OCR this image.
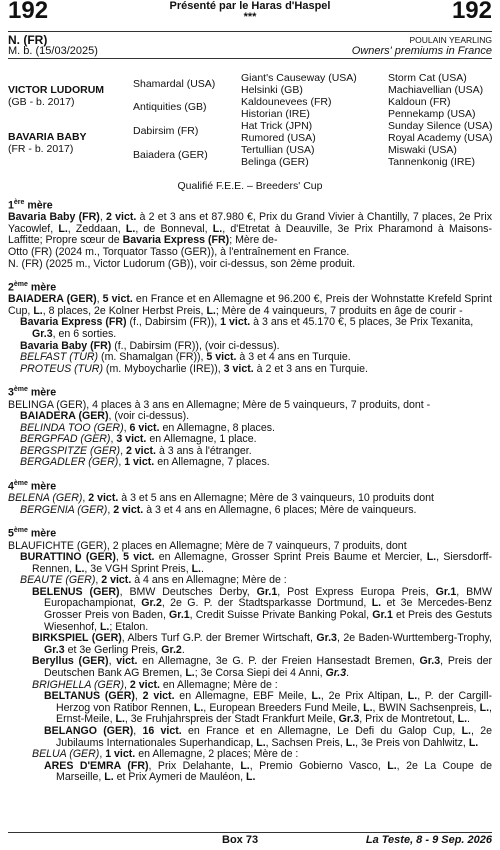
192	192
Présenté par le Haras d'Haspel
***
N. (FR)
M. b. (15/03/2025)
POULAIN YEARLING
Owners' premiums in France
VICTOR LUDORUM
(GB - b. 2017)
BAVARIA BABY
(FR - b. 2017)
Shamardal (USA)
Antiquities (GB)
Dabirsim (FR)
Baiadera (GER)
Giant's Causeway (USA)
Helsinki (GB)
Kaldounevees (FR)
Historian (IRE)
Hat Trick (JPN)
Rumored (USA)
Tertullian (USA)
Belinga (GER)
Storm Cat (USA)
Machiavellian (USA)
Kaldoun (FR)
Pennekamp (USA)
Sunday Silence (USA)
Royal Academy (USA)
Miswaki (USA)
Tannenkonig (IRE)
Qualifié F.E.E. – Breeders' Cup

1ère mère

Bavaria Baby (FR), 2 vict. à 2 et 3 ans et 87.980 €, Prix du Grand Vivier à Chantilly, 7 places, 2e Prix Yacowlef, L., Zeddaan, L., de Bonneval, L., d'Etretat à Deauville, 3e Prix Pharamond à Maisons-Laffitte; Propre sœur de Bavaria Express (FR); Mère de-
Otto (FR) (2024 m., Torquator Tasso (GER)), à l'entraînement en France.
N. (FR) (2025 m., Victor Ludorum (GB)), voir ci-dessus, son 2ème produit.

2ème mère

BAIADERA (GER), 5 vict. en France et en Allemagne et 96.200 €, Preis der Wohnstatte Krefeld Sprint Cup, L., 8 places, 2e Kolner Herbst Preis, L.; Mère de 4 vainqueurs, 7 produits en âge de courir -

Bavaria Express (FR) (f., Dabirsim (FR)), 1 vict. à 3 ans et 45.170 €, 5 places, 3e Prix Texanita, Gr.3, en 6 sorties.

Bavaria Baby (FR) (f., Dabirsim (FR)), (voir ci-dessus).

BELFAST (TUR) (m. Shamalgan (FR)), 5 vict. à 3 et 4 ans en Turquie.

PROTEUS (TUR) (m. Myboycharlie (IRE)), 3 vict. à 2 et 3 ans en Turquie.

3ème mère

BELINGA (GER), 4 places à 3 ans en Allemagne; Mère de 5 vainqueurs, 7 produits, dont -

BAIADERA (GER), (voir ci-dessus).

BELINDA TOO (GER), 6 vict. en Allemagne, 8 places.

BERGPFAD (GER), 3 vict. en Allemagne, 1 place.

BERGSPITZE (GER), 2 vict. à 3 ans à l'étranger.

BERGADLER (GER), 1 vict. en Allemagne, 7 places.

4ème mère

BELENA (GER), 2 vict. à 3 et 5 ans en Allemagne; Mère de 3 vainqueurs, 10 produits dont

BERGENIA (GER), 2 vict. à 3 et 4 ans en Allemagne, 6 places; Mère de vainqueurs.

5ème mère

BLAUFICHTE (GER), 2 places en Allemagne; Mère de 7 vainqueurs, 7 produits, dont

BURATTINO (GER), 5 vict. en Allemagne, Grosser Sprint Preis Baume et Mercier, L., Siersdorff-Rennen, L., 3e VGH Sprint Preis, L..

BEAUTE (GER), 2 vict. à 4 ans en Allemagne; Mère de :

BELENUS (GER), BMW Deutsches Derby, Gr.1, Post Express Europa Preis, Gr.1, BMW Europachampionat, Gr.2, 2e G. P. der Stadtsparkasse Dortmund, L. et 3e Mercedes-Benz Grosser Preis von Baden, Gr.1, Credit Suisse Private Banking Pokal, Gr.1 et Preis des Gestuts Wiesenhof, L.; Etalon.

BIRKSPIEL (GER), Albers Turf G.P. der Bremer Wirtschaft, Gr.3, 2e Baden-Wurttemberg-Trophy, Gr.3 et 3e Gerling Preis, Gr.2.

Beryllus (GER), vict. en Allemagne, 3e G. P. der Freien Hansestadt Bremen, Gr.3, Preis der Deutschen Bank AG Bremen, L.; 3e Corsa Siepi dei 4 Anni, Gr.3.

BRIGHELLA (GER), 2 vict. en Allemagne; Mère de :

BELTANUS (GER), 2 vict. en Allemagne, EBF Meile, L., 2e Prix Altipan, L., P. der Cargill-Herzog von Ratibor Rennen, L., European Breeders Fund Meile, L., BWIN Sachsenpreis, L., Ernst-Meile, L., 3e Fruhjahrspreis der Stadt Frankfurt Meile, Gr.3, Prix de Montretout, L..

BELANGO (GER), 16 vict. en France et en Allemagne, Le Defi du Galop Cup, L., 2e Jubilaums Internationales Superhandicap, L., Sachsen Preis, L., 3e Preis von Dahlwitz, L.

BELUA (GER), 1 vict. en Allemagne, 2 places; Mère de :

ARES D'EMRA (FR), Prix Delahante, L., Premio Gobierno Vasco, L., 2e La Coupe de Marseille, L. et Prix Aymeri de Mauléon, L.

Box 73	La Teste, 8 - 9 Sep. 2026
